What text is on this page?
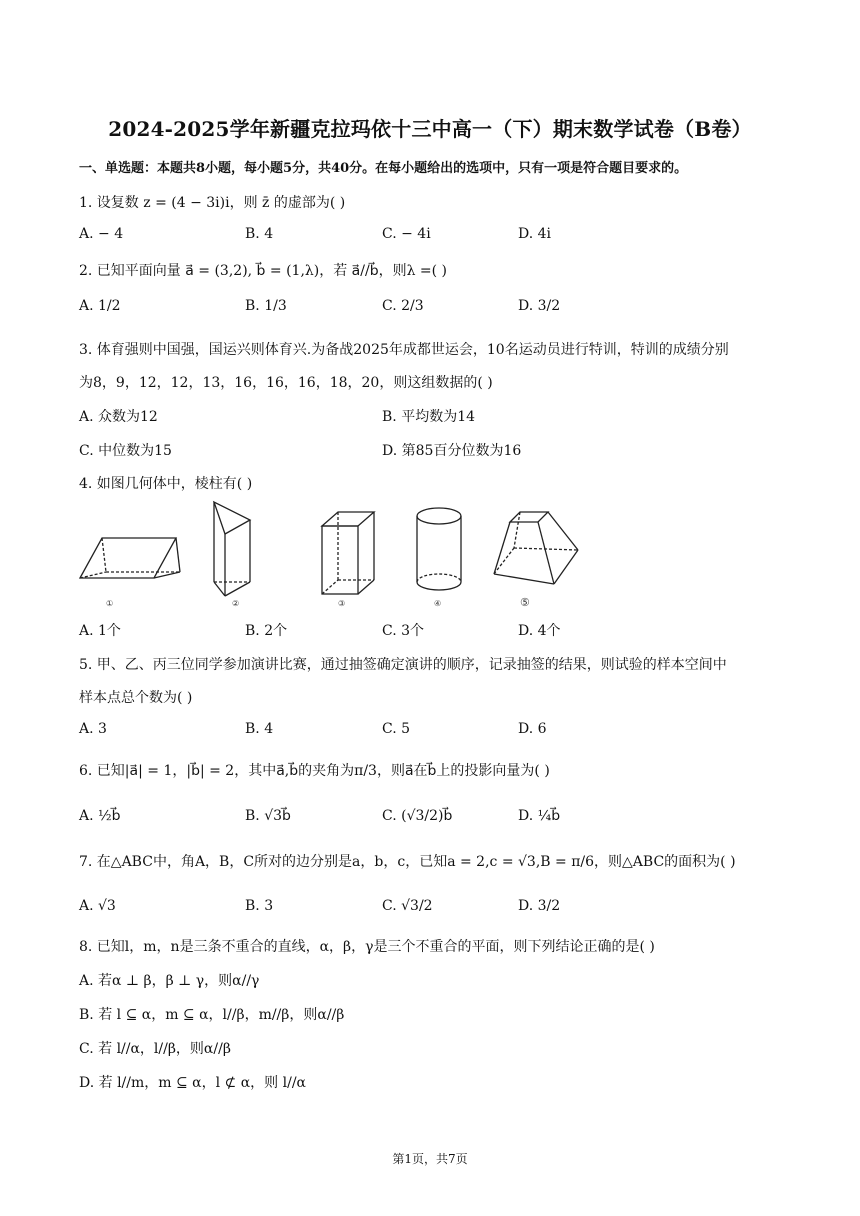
2024-2025学年新疆克拉玛依十三中高一（下）期末数学试卷（B卷）
一、单选题：本题共8小题，每小题5分，共40分。在每小题给出的选项中，只有一项是符合题目要求的。
1. 设复数 z = (4 − 3i)i，则 z̄ 的虚部为( )
A. − 4	B. 4	C. − 4i	D. 4i
2. 已知平面向量 a⃗ = (3,2), b⃗ = (1,λ)，若 a⃗//b⃗，则λ =( )
A. 1/2	B. 1/3	C. 2/3	D. 3/2
3. 体育强则中国强，国运兴则体育兴.为备战2025年成都世运会，10名运动员进行特训，特训的成绩分别
为8，9，12，12，13，16，16，16，18，20，则这组数据的( )
A. 众数为12	B. 平均数为14
C. 中位数为15	D. 第85百分位数为16
4. 如图几何体中，棱柱有( )
①	②	③	④	⑤
A. 1个	B. 2个	C. 3个	D. 4个
5. 甲、乙、丙三位同学参加演讲比赛，通过抽签确定演讲的顺序，记录抽签的结果，则试验的样本空间中
样本点总个数为( )
A. 3	B. 4	C. 5	D. 6
6. 已知|a⃗| = 1，|b⃗| = 2，其中a⃗,b⃗的夹角为π/3，则a⃗在b⃗上的投影向量为( )
A. ½b⃗	B. √3b⃗	C. (√3/2)b⃗	D. ¼b⃗
7. 在△ABC中，角A，B，C所对的边分别是a，b，c，已知a = 2,c = √3,B = π/6，则△ABC的面积为( )
A. √3	B. 3	C. √3/2	D. 3/2
8. 已知l，m，n是三条不重合的直线，α，β，γ是三个不重合的平面，则下列结论正确的是( )
A. 若α ⊥ β，β ⊥ γ，则α//γ
B. 若 l ⊆ α，m ⊆ α，l//β，m//β，则α//β
C. 若 l//α，l//β，则α//β
D. 若 l//m，m ⊆ α，l ⊄ α，则 l//α
第1页，共7页
